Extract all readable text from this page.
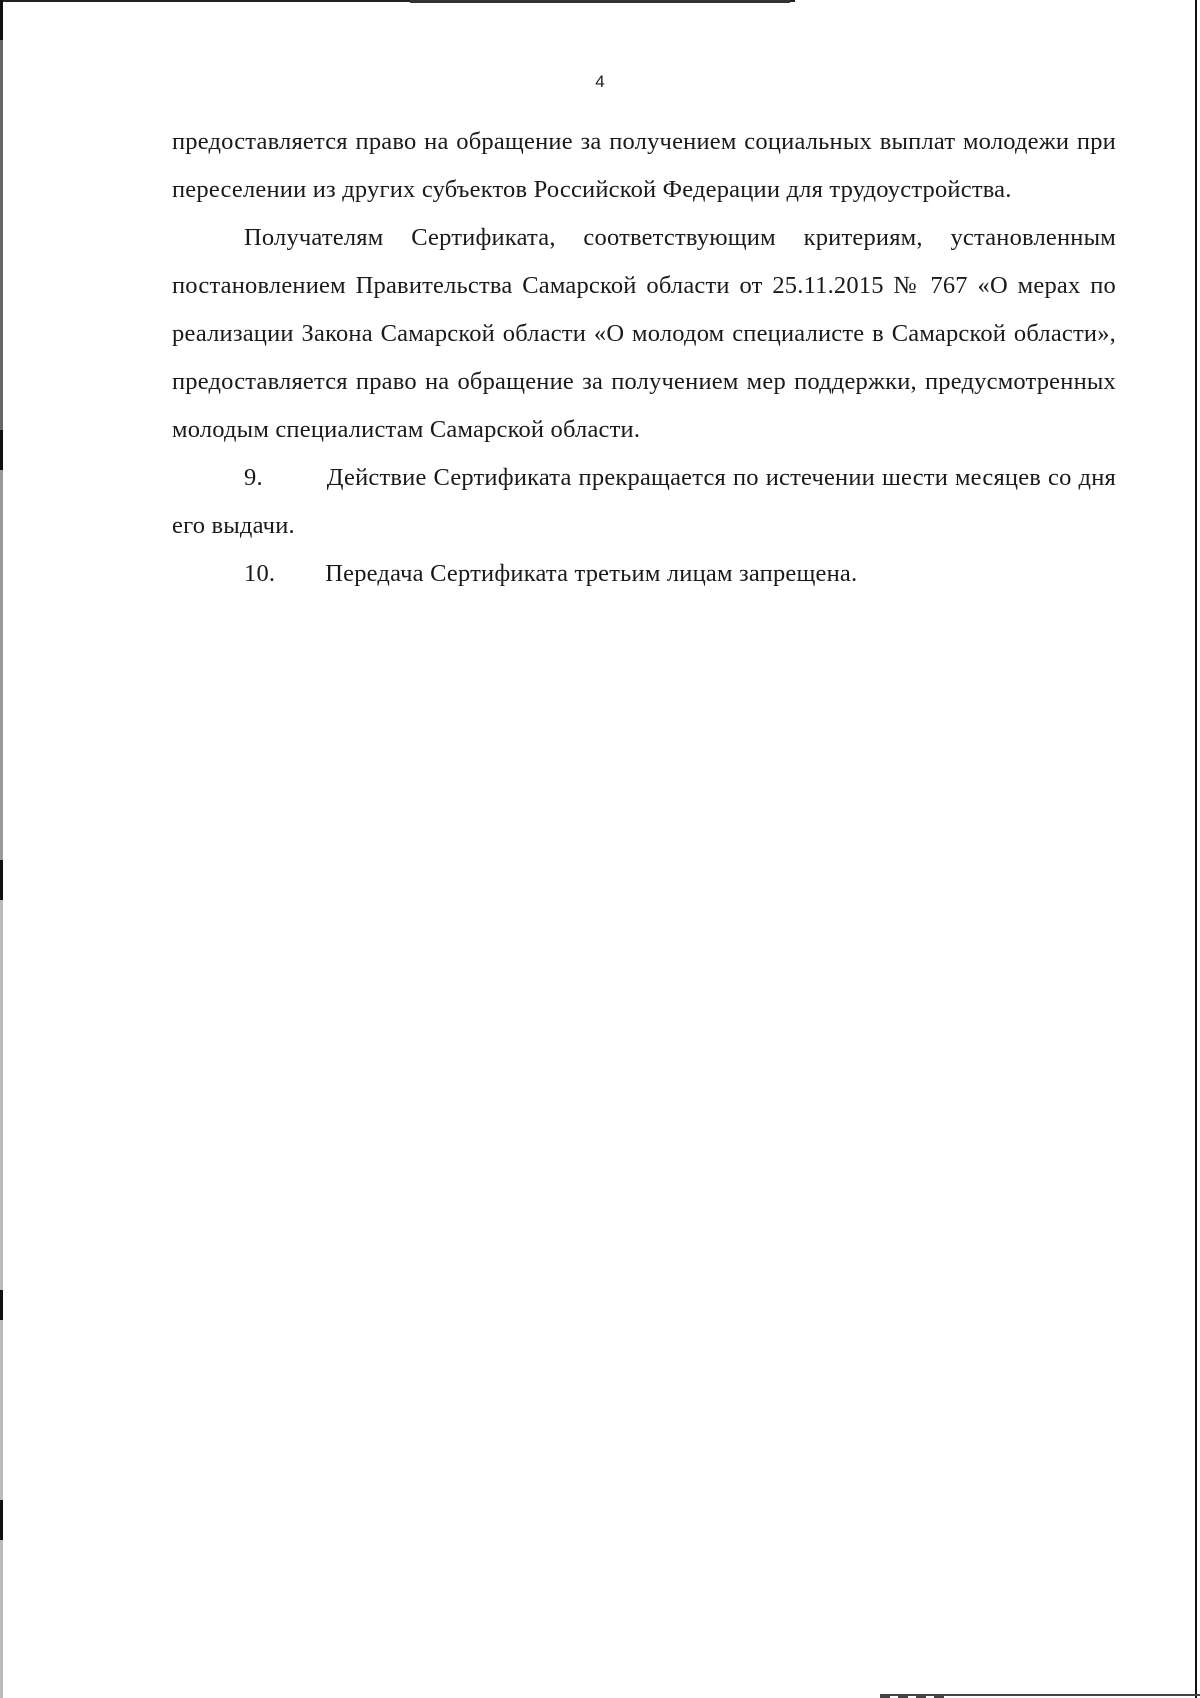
4

предоставляется право на обращение за получением социальных выплат молодежи при переселении из других субъектов Российской Федерации для трудоустройства.

Получателям Сертификата, соответствующим критериям, установленным постановлением Правительства Самарской области от 25.11.2015 № 767 «О мерах по реализации Закона Самарской области «О молодом специалисте в Самарской области», предоставляется право на обращение за получением мер поддержки, предусмотренных молодым специалистам Самарской области.

9.	Действие Сертификата прекращается по истечении шести месяцев со дня его выдачи.

10. Передача Сертификата третьим лицам запрещена.
